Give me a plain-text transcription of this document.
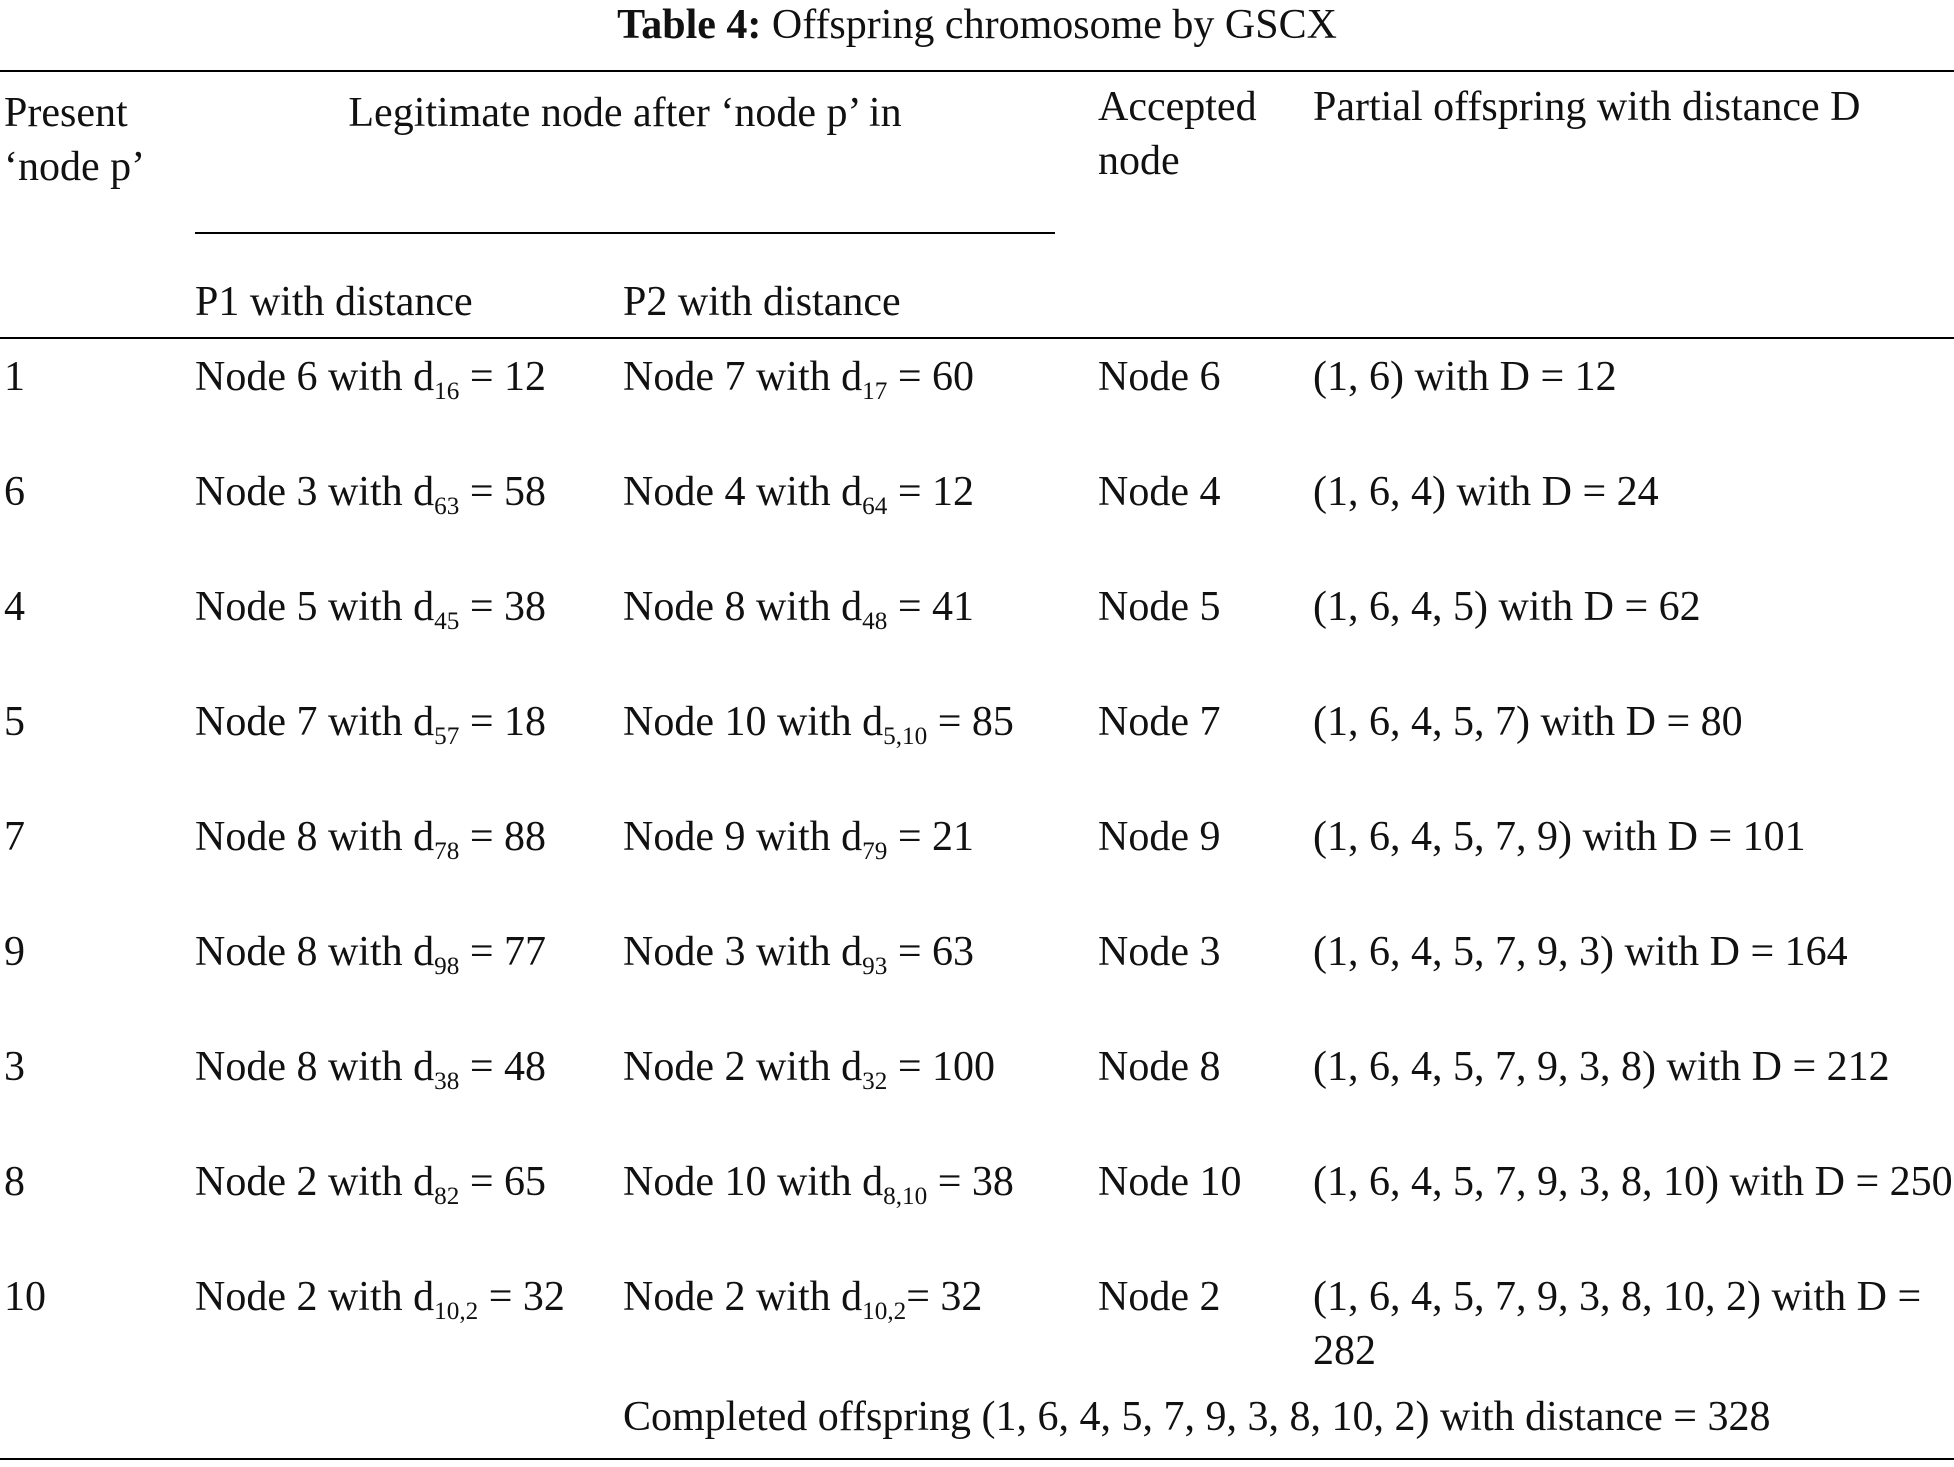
Table 4: Offspring chromosome by GSCX
Present ‘node p’
Legitimate node after ‘node p’ in
P1 with distance	P2 with distance
Accepted node
Partial offspring with distance D
1	Node 6 with $d_{16} = 12$	Node 7 with $d_{17} = 60$	Node 6	(1, 6) with D = 12
6	Node 3 with $d_{63} = 58$	Node 4 with $d_{64} = 12$	Node 4	(1, 6, 4) with D = 24
4	Node 5 with $d_{45} = 38$	Node 8 with $d_{48} = 41$	Node 5	(1, 6, 4, 5) with D = 62
5	Node 7 with $d_{57} = 18$	Node 10 with $d_{5,10} = 85$	Node 7	(1, 6, 4, 5, 7) with D = 80
7	Node 8 with $d_{78} = 88$	Node 9 with $d_{79} = 21$	Node 9	(1, 6, 4, 5, 7, 9) with D = 101
9	Node 8 with $d_{98} = 77$	Node 3 with $d_{93} = 63$	Node 3	(1, 6, 4, 5, 7, 9, 3) with D = 164
3	Node 8 with $d_{38} = 48$	Node 2 with $d_{32} = 100$	Node 8	(1, 6, 4, 5, 7, 9, 3, 8) with D = 212
8	Node 2 with $d_{82} = 65$	Node 10 with $d_{8,10} = 38$	Node 10	(1, 6, 4, 5, 7, 9, 3, 8, 10) with D = 250
10	Node 2 with $d_{10,2} = 32$	Node 2 with $d_{10,2}= 32$	Node 2	(1, 6, 4, 5, 7, 9, 3, 8, 10, 2) with D = 282
Completed offspring (1, 6, 4, 5, 7, 9, 3, 8, 10, 2) with distance = 328
